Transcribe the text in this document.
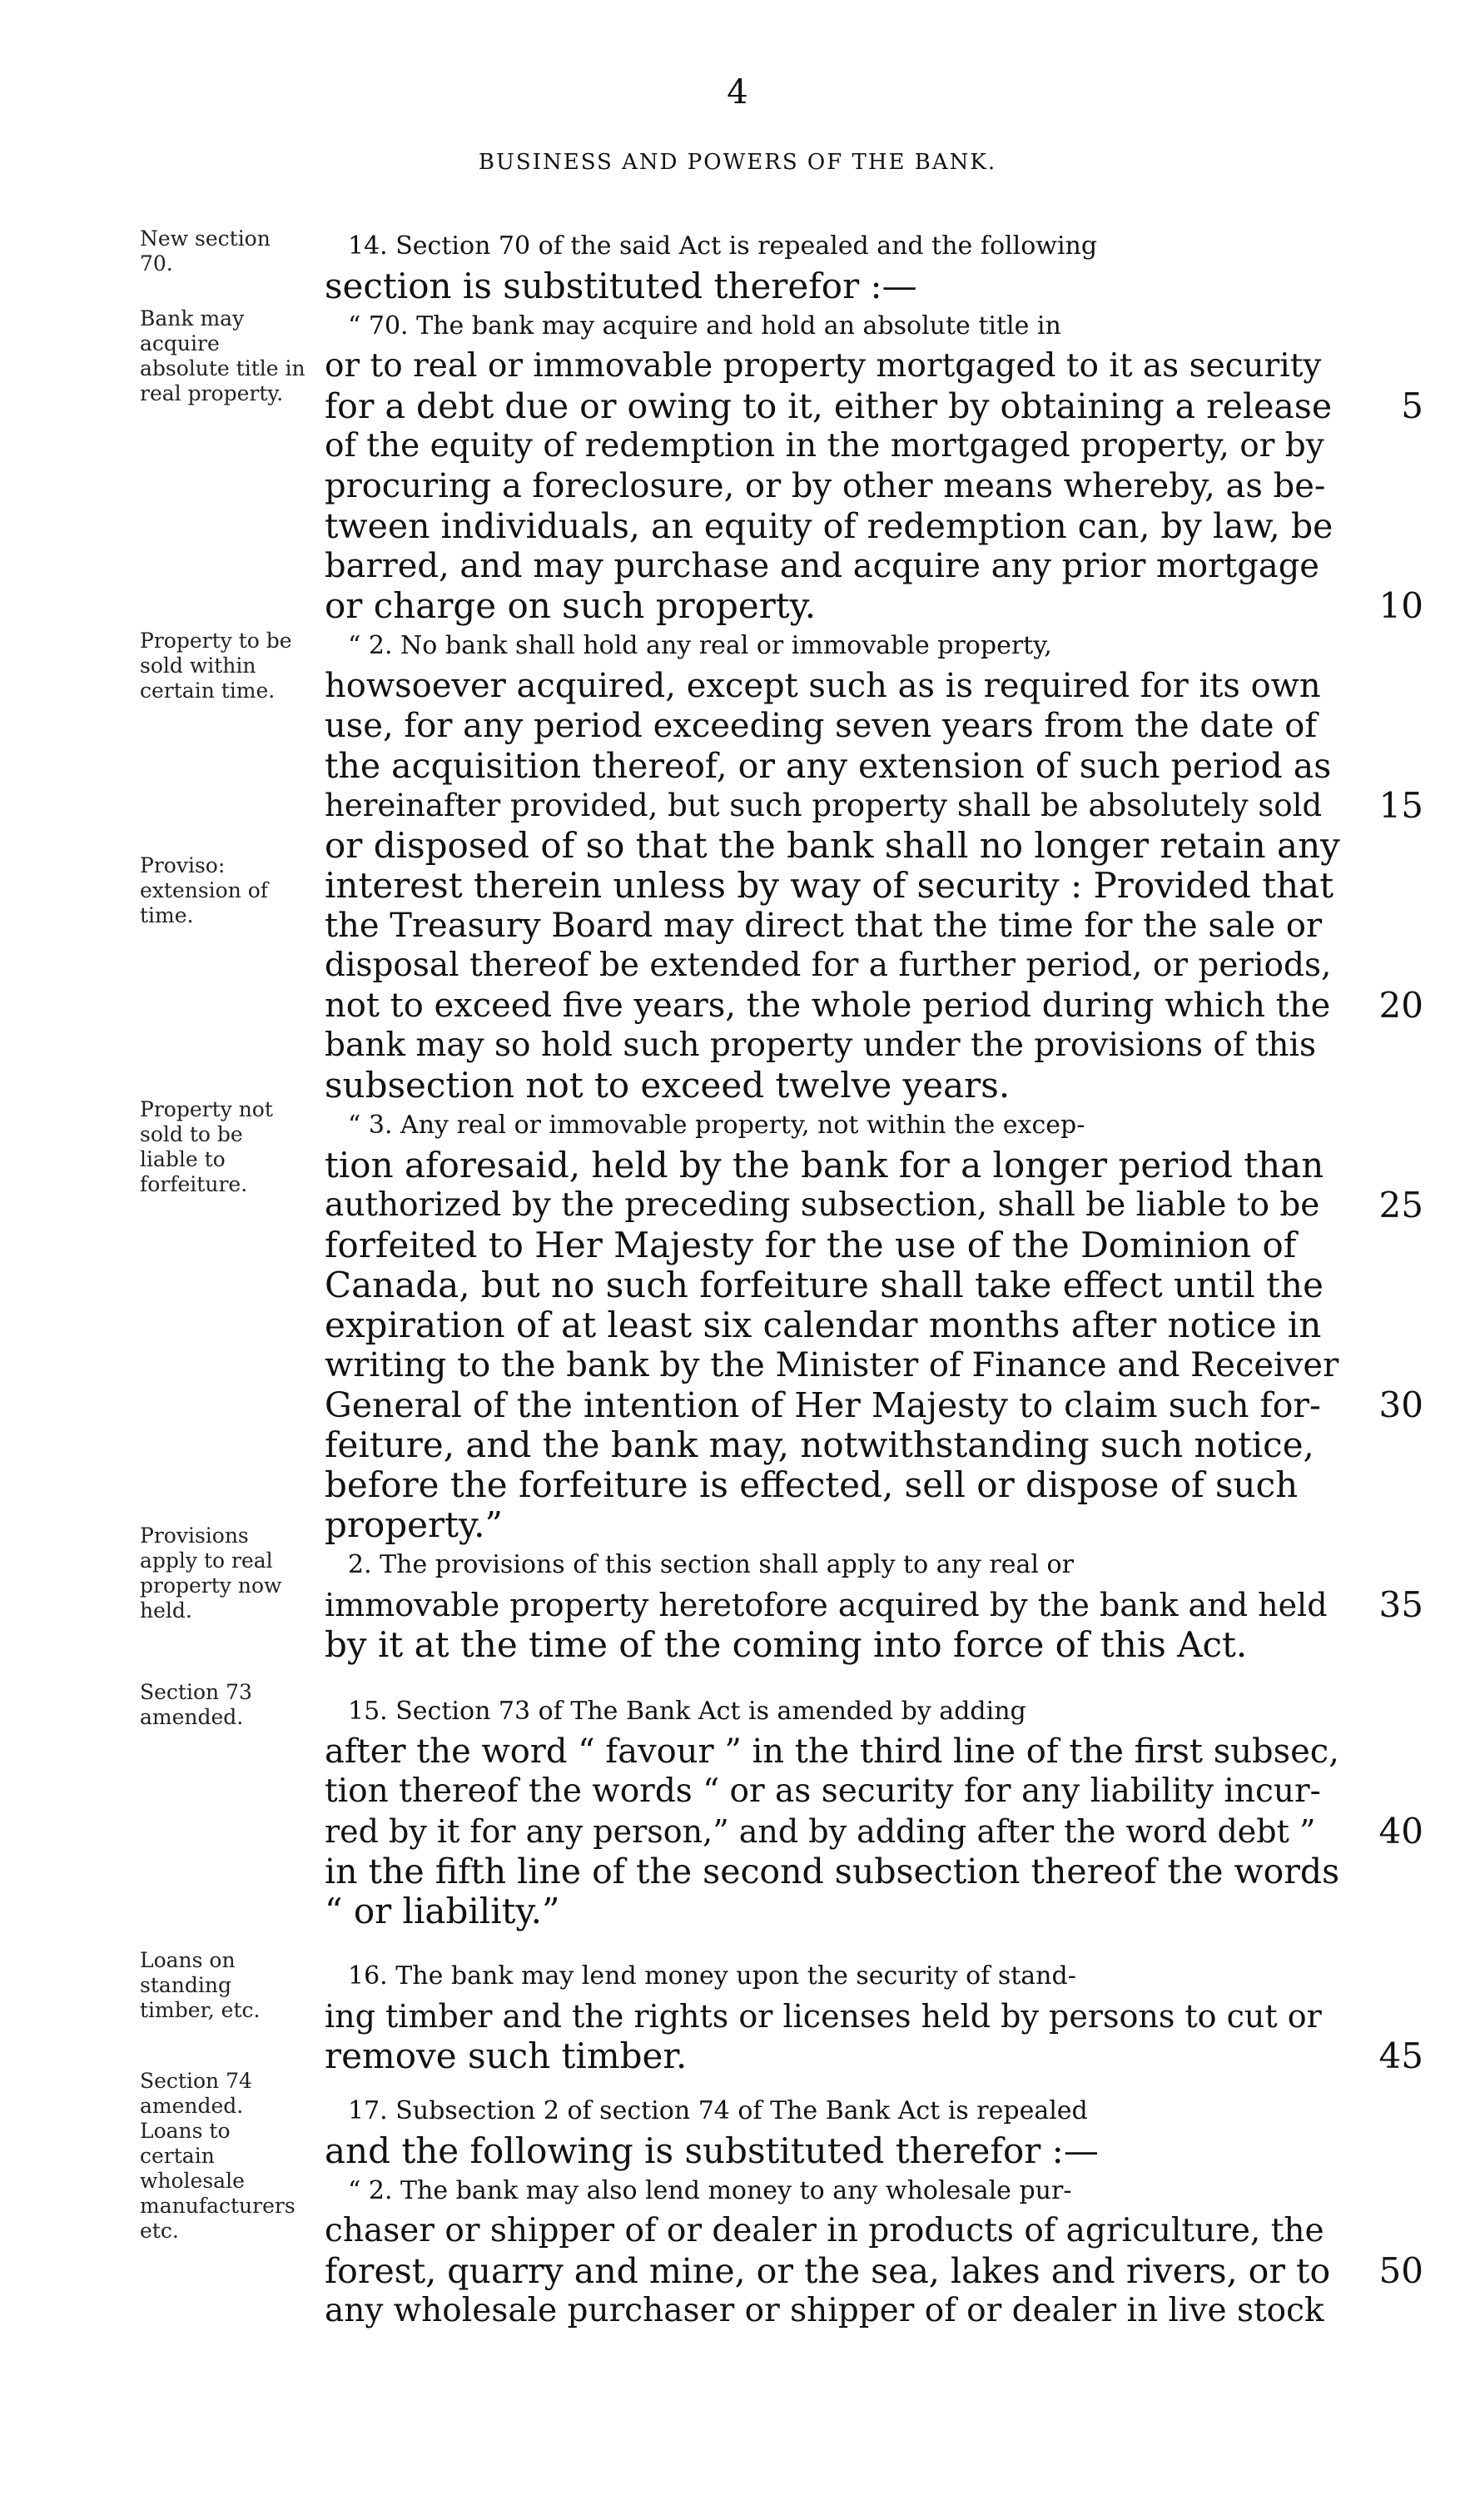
4
BUSINESS AND POWERS OF THE BANK.
New section 70.
Bank may acquire absolute title in real property.
Property to be sold within certain time.
Proviso: extension of time.
Property not sold to be liable to forfeiture.
Provisions apply to real property now held.
Section 73 amended.
Loans on standing timber, etc.
Section 74 amended.
Loans to certain wholesale manufacturers etc.
14. Section 70 of the said Act is repealed and the following
section is substituted therefor :—
“ 70. The bank may acquire and hold an absolute title in
or to real or immovable property mortgaged to it as security
for a debt due or owing to it, either by obtaining a release
of the equity of redemption in the mortgaged property, or by
procuring a foreclosure, or by other means whereby, as be-
tween individuals, an equity of redemption can, by law, be
barred, and may purchase and acquire any prior mortgage
or charge on such property.
“ 2. No bank shall hold any real or immovable property,
howsoever acquired, except such as is required for its own
use, for any period exceeding seven years from the date of
the acquisition thereof, or any extension of such period as
hereinafter provided, but such property shall be absolutely sold
or disposed of so that the bank shall no longer retain any
interest therein unless by way of security : Provided that
the Treasury Board may direct that the time for the sale or
disposal thereof be extended for a further period, or periods,
not to exceed five years, the whole period during which the
bank may so hold such property under the provisions of this
subsection not to exceed twelve years.
“ 3. Any real or immovable property, not within the excep-
tion aforesaid, held by the bank for a longer period than
authorized by the preceding subsection, shall be liable to be
forfeited to Her Majesty for the use of the Dominion of
Canada, but no such forfeiture shall take effect until the
expiration of at least six calendar months after notice in
writing to the bank by the Minister of Finance and Receiver
General of the intention of Her Majesty to claim such for-
feiture, and the bank may, notwithstanding such notice,
before the forfeiture is effected, sell or dispose of such
property.”
2. The provisions of this section shall apply to any real or
immovable property heretofore acquired by the bank and held
by it at the time of the coming into force of this Act.
15. Section 73 of The Bank Act is amended by adding
after the word “ favour ” in the third line of the first subsec,
tion thereof the words “ or as security for any liability incur-
red by it for any person,” and by adding after the word debt ”
in the fifth line of the second subsection thereof the words
“ or liability.”
16. The bank may lend money upon the security of stand-
ing timber and the rights or licenses held by persons to cut or
remove such timber.
17. Subsection 2 of section 74 of The Bank Act is repealed
and the following is substituted therefor :—
“ 2. The bank may also lend money to any wholesale pur-
chaser or shipper of or dealer in products of agriculture, the
forest, quarry and mine, or the sea, lakes and rivers, or to
any wholesale purchaser or shipper of or dealer in live stock
5
10
15
20
25
30
35
40
45
50
